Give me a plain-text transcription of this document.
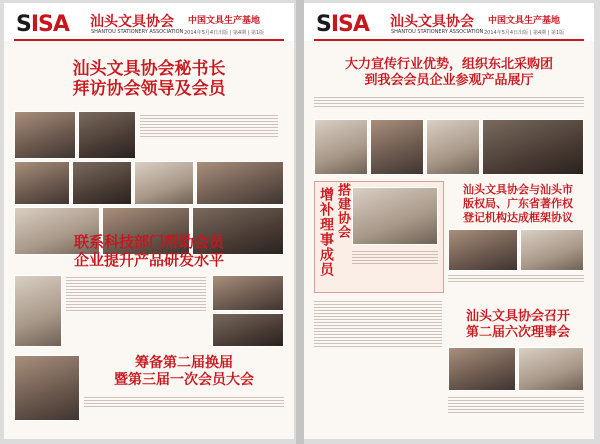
SISA 汕头文具协会
SHANTOU STATIONERY ASSOCIATION
中国文具生产基地
2014年5月4日出版 | 第4期 | 第1版
汕头文具协会秘书长
拜访协会领导及会员
联系科技部门帮助会员
企业提升产品研发水平
筹备第二届换届
暨第三届一次会员大会
SISA 汕头文具协会
SHANTOU STATIONERY ASSOCIATION
中国文具生产基地
2014年5月4日出版 | 第4期 | 第1版
大力宣传行业优势，组织东北采购团
到我会会员企业参观产品展厅
增补理事成员 搭建协会	汕头文具协会与汕头市
版权局、广东省著作权
登记机构达成框架协议
汕头文具协会召开
第二届六次理事会
